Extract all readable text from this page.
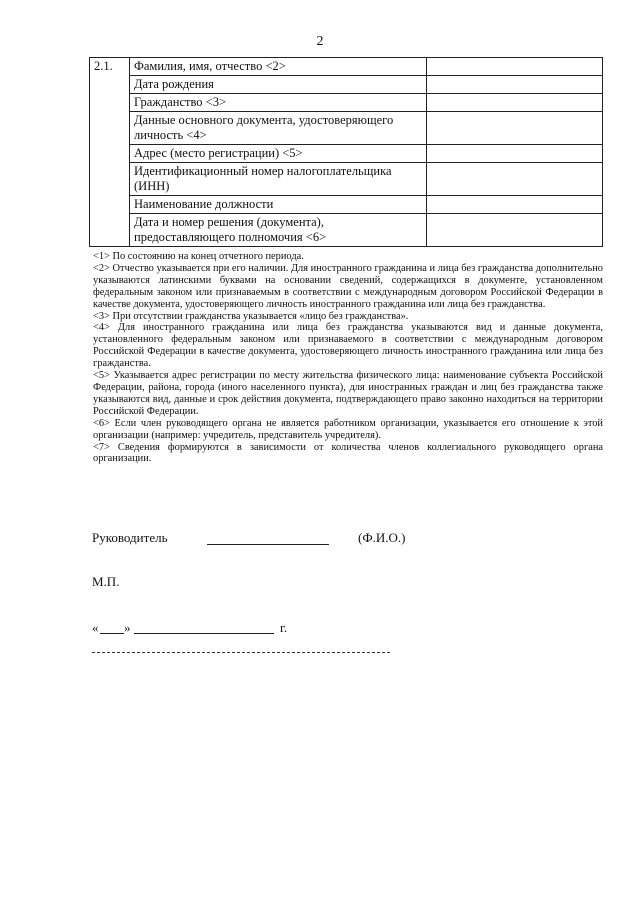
2
2.1.	Фамилия, имя, отчество <2>	
	Дата рождения	
	Гражданство <3>	
	Данные основного документа, удостоверяющего личность <4>	
	Адрес (место регистрации) <5>	
	Идентификационный номер налогоплательщика (ИНН)	
	Наименование должности	
	Дата и номер решения (документа), предоставляющего полномочия <6>	

<1> По состоянию на конец отчетного периода.

<2> Отчество указывается при его наличии. Для иностранного гражданина и лица без гражданства дополнительно указываются латинскими буквами на основании сведений, содержащихся в документе, установленном федеральным законом или признаваемым в соответствии с международным договором Российской Федерации в качестве документа, удостоверяющего личность иностранного гражданина или лица без гражданства.

<3> При отсутствии гражданства указывается «лицо без гражданства».

<4> Для иностранного гражданина или лица без гражданства указываются вид и данные документа, установленного федеральным законом или признаваемого в соответствии с международным договором Российской Федерации в качестве документа, удостоверяющего личность иностранного гражданина или лица без гражданства.

<5> Указывается адрес регистрации по месту жительства физического лица: наименование субъекта Российской Федерации, района, города (иного населенного пункта), для иностранных граждан и лиц без гражданства также указываются вид, данные и срок действия документа, подтверждающего право законно находиться на территории Российской Федерации.

<6> Если член руководящего органа не является работником организации, указывается его отношение к этой организации (например: учредитель, представитель учредителя).

<7> Сведения формируются в зависимости от количества членов коллегиального руководящего органа организации.

Руководитель	(Ф.И.О.)
М.П.
« »	г.
